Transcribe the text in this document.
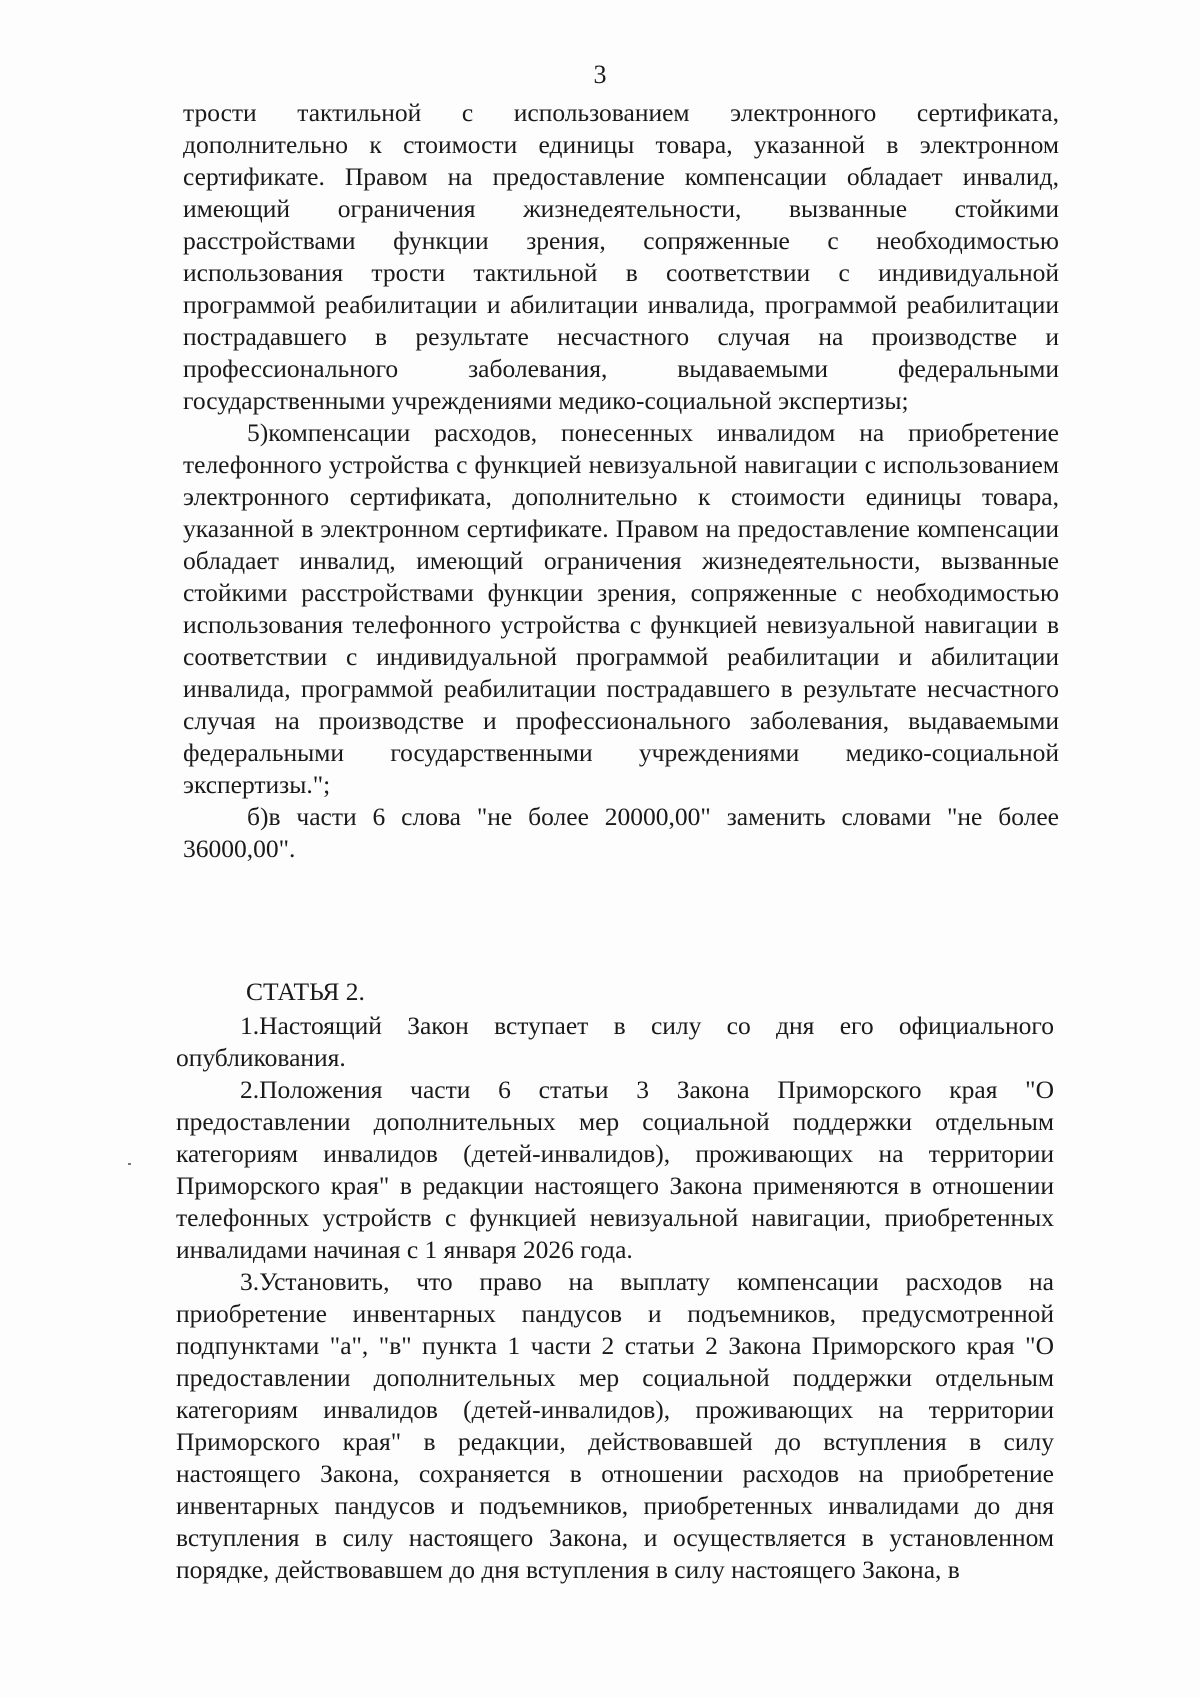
3

трости тактильной с использованием электронного сертификата, дополнительно к стоимости единицы товара, указанной в электронном сертификате. Правом на предоставление компенсации обладает инвалид, имеющий ограничения жизнедеятельности, вызванные стойкими расстройствами функции зрения, сопряженные с необходимостью использования трости тактильной в соответствии с индивидуальной программой реабилитации и абилитации инвалида, программой реабилитации пострадавшего в результате несчастного случая на производстве и профессионального заболевания, выдаваемыми федеральными государственными учреждениями медико-социальной экспертизы;

5)компенсации расходов, понесенных инвалидом на приобретение телефонного устройства с функцией невизуальной навигации с использованием электронного сертификата, дополнительно к стоимости единицы товара, указанной в электронном сертификате. Правом на предоставление компенсации обладает инвалид, имеющий ограничения жизнедеятельности, вызванные стойкими расстройствами функции зрения, сопряженные с необходимостью использования телефонного устройства с функцией невизуальной навигации в соответствии с индивидуальной программой реабилитации и абилитации инвалида, программой реабилитации пострадавшего в результате несчастного случая на производстве и профессионального заболевания, выдаваемыми федеральными государственными учреждениями медико-социальной экспертизы.";

б)в части 6 слова "не более 20000,00" заменить словами "не более 36000,00".

СТАТЬЯ 2.

1.Настоящий Закон вступает в силу со дня его официального опубликования.

2.Положения части 6 статьи 3 Закона Приморского края "О предоставлении дополнительных мер социальной поддержки отдельным категориям инвалидов (детей-инвалидов), проживающих на территории Приморского края" в редакции настоящего Закона применяются в отношении телефонных устройств с функцией невизуальной навигации, приобретенных инвалидами начиная с 1 января 2026 года.

3.Установить, что право на выплату компенсации расходов на приобретение инвентарных пандусов и подъемников, предусмотренной подпунктами "а", "в" пункта 1 части 2 статьи 2 Закона Приморского края "О предоставлении дополнительных мер социальной поддержки отдельным категориям инвалидов (детей-инвалидов), проживающих на территории Приморского края" в редакции, действовавшей до вступления в силу настоящего Закона, сохраняется в отношении расходов на приобретение инвентарных пандусов и подъемников, приобретенных инвалидами до дня вступления в силу настоящего Закона, и осуществляется в установленном порядке, действовавшем до дня вступления в силу настоящего Закона, в
